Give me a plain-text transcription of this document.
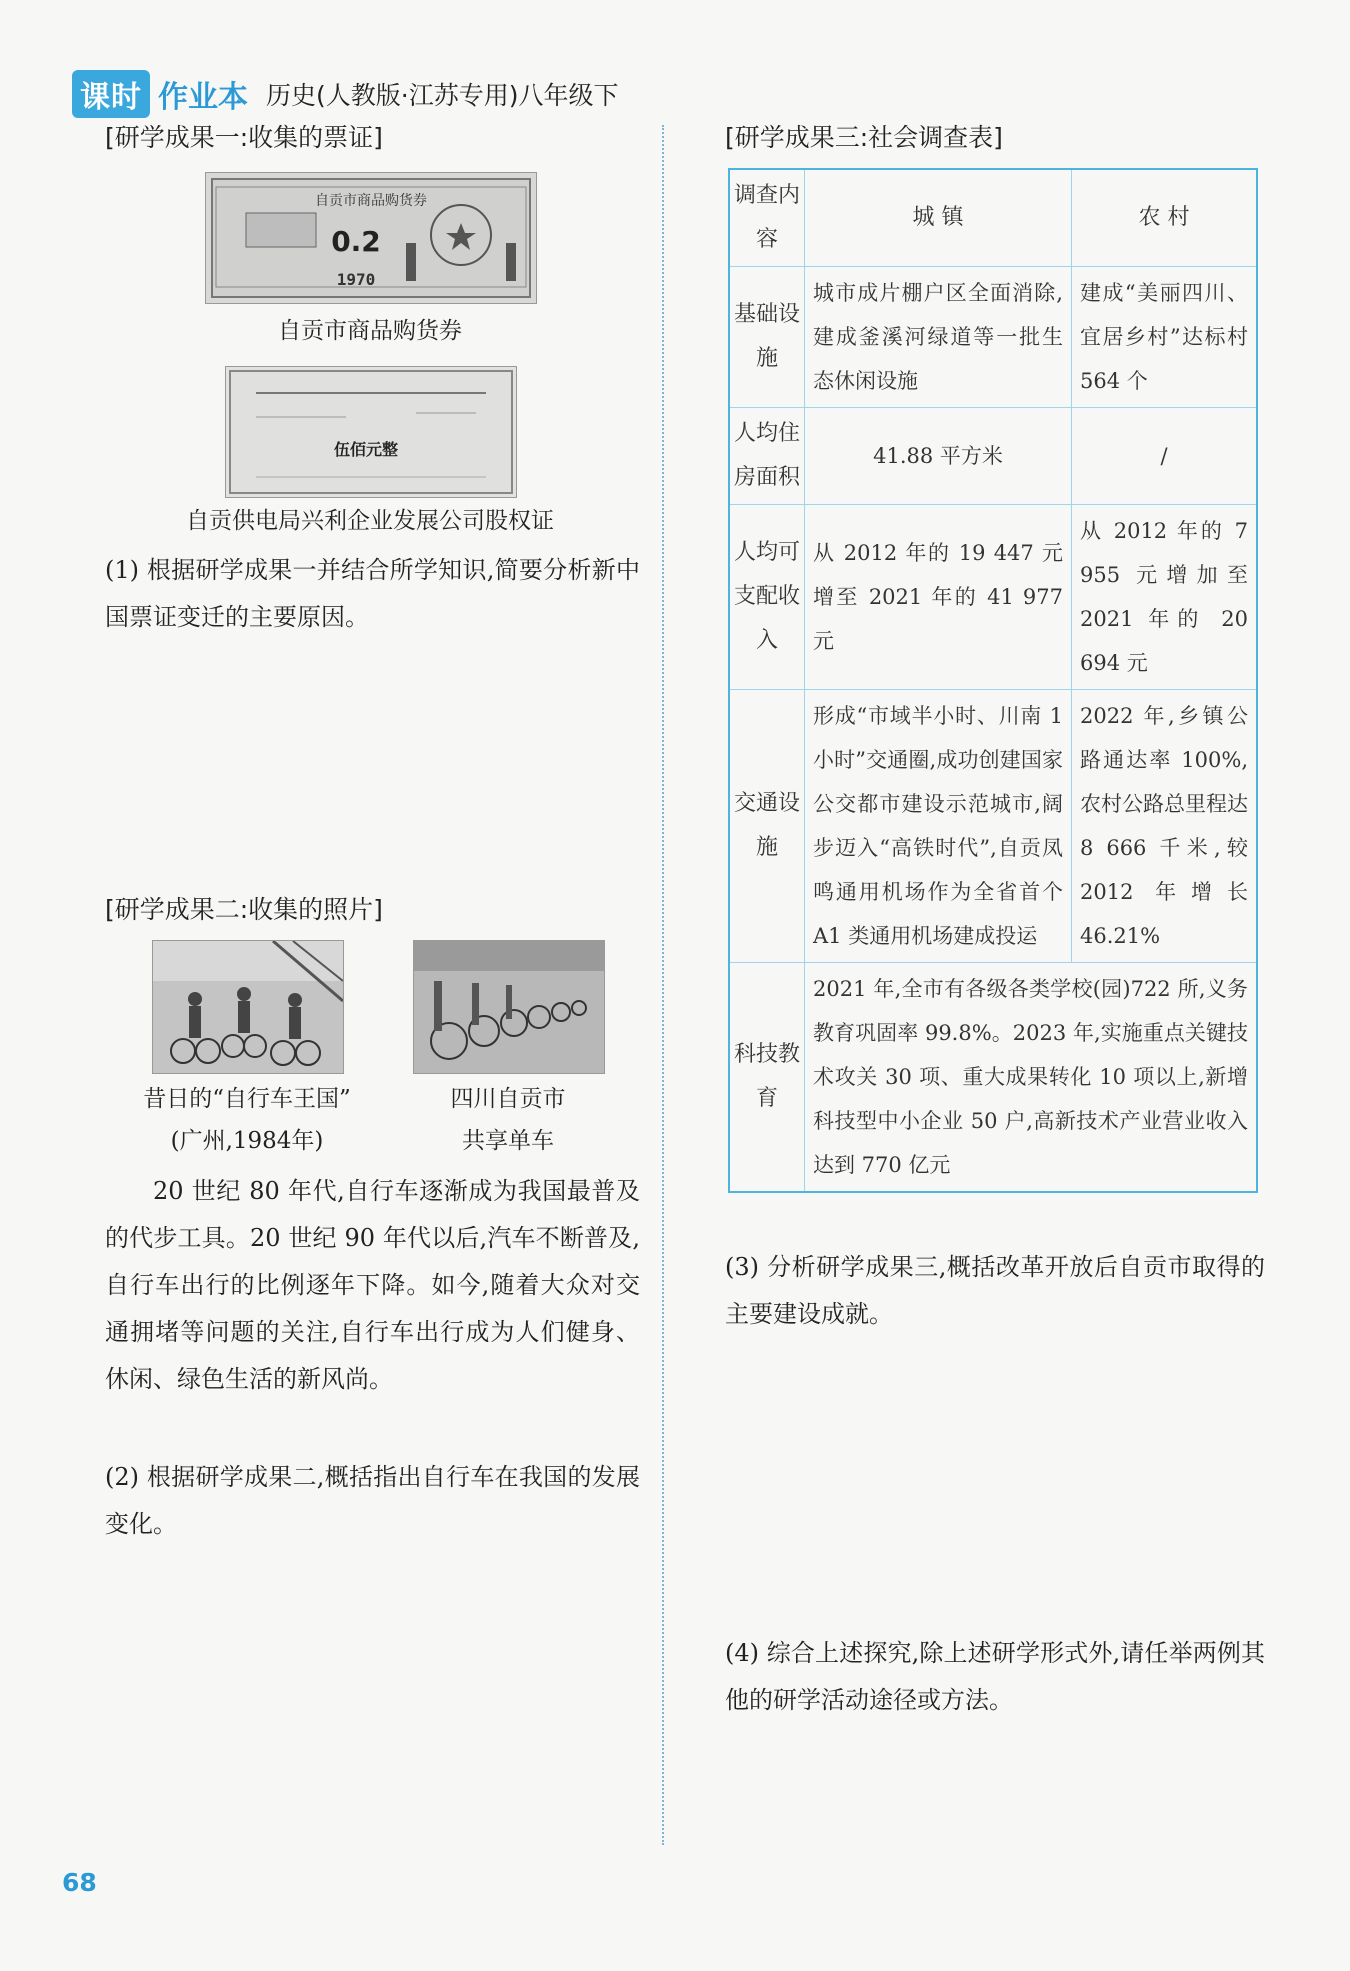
课时 作业本 历史(人教版·江苏专用)八年级下

[研学成果一:收集的票证]

自贡市商品购货券
0.2
1970
自贡市商品购货券
伍佰元整
自贡供电局兴利企业发展公司股权证
(1) 根据研学成果一并结合所学知识,简要分析新中国票证变迁的主要原因。
[研学成果二:收集的照片]
昔日的“自行车王国”
(广州,1984年)
四川自贡市
共享单车
20 世纪 80 年代,自行车逐渐成为我国最普及的代步工具。20 世纪 90 年代以后,汽车不断普及,自行车出行的比例逐年下降。如今,随着大众对交通拥堵等问题的关注,自行车出行成为人们健身、休闲、绿色生活的新风尚。
(2) 根据研学成果二,概括指出自行车在我国的发展变化。
[研学成果三:社会调查表]
调查内容	城 镇	农 村
基础设施	城市成片棚户区全面消除,建成釜溪河绿道等一批生态休闲设施	建成“美丽四川、宜居乡村”达标村 564 个
人均住房面积	41.88 平方米	/
人均可支配收入	从 2012 年的 19 447 元增至 2021 年的 41 977 元	从 2012 年的 7 955 元增加至 2021 年的 20 694 元
交通设施	形成“市域半小时、川南 1 小时”交通圈,成功创建国家公交都市建设示范城市,阔步迈入“高铁时代”,自贡凤鸣通用机场作为全省首个 A1 类通用机场建成投运	2022 年,乡镇公路通达率 100%,农村公路总里程达 8 666 千米,较 2012 年增长 46.21%
科技教育	2021 年,全市有各级各类学校(园)722 所,义务教育巩固率 99.8%。2023 年,实施重点关键技术攻关 30 项、重大成果转化 10 项以上,新增科技型中小企业 50 户,高新技术产业营业收入达到 770 亿元	
(3) 分析研学成果三,概括改革开放后自贡市取得的主要建设成就。
(4) 综合上述探究,除上述研学形式外,请任举两例其他的研学活动途径或方法。
68
